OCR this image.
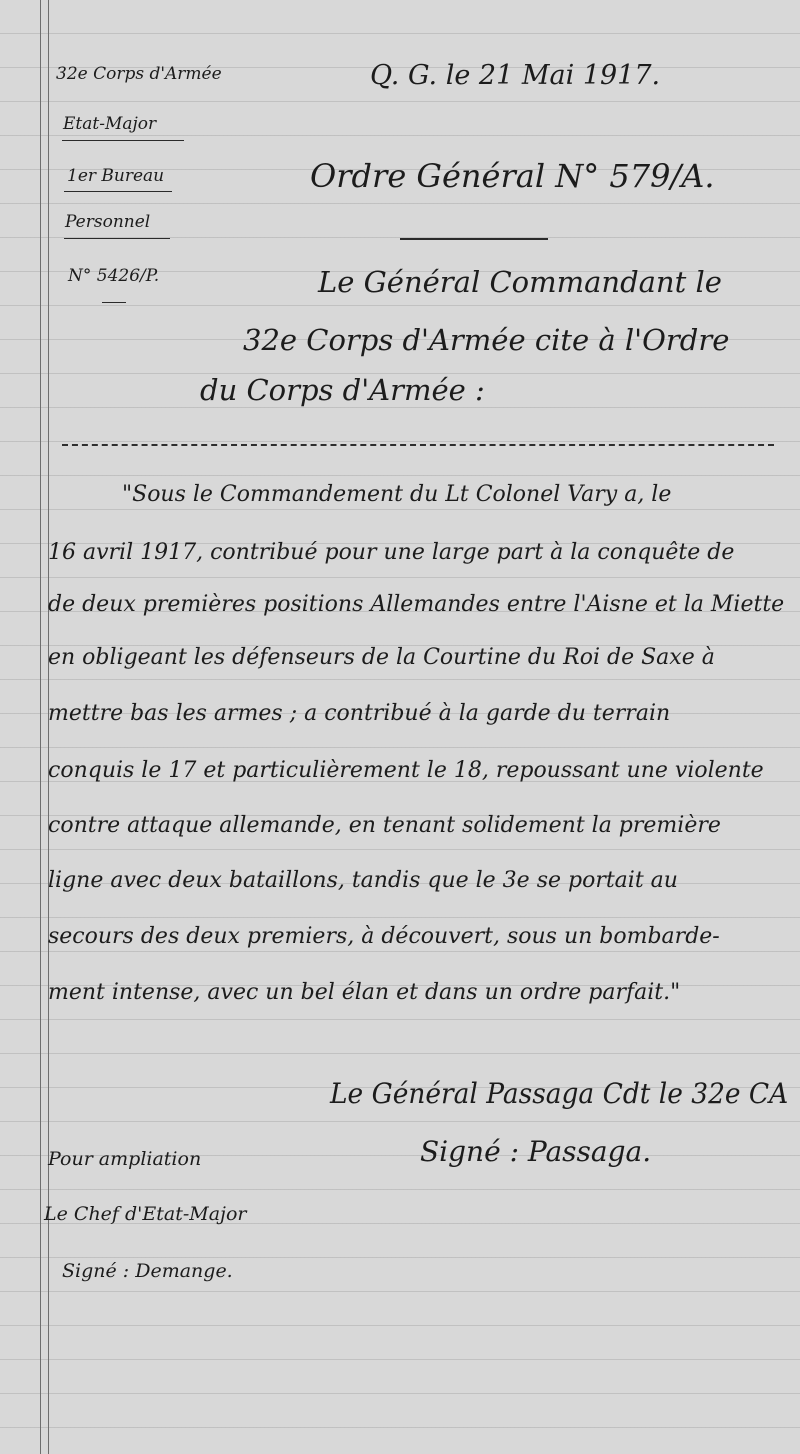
32e Corps d'Armée
Etat-Major
1er Bureau
Personnel
N° 5426/P.
Q. G. le 21 Mai 1917.
Ordre Général N° 579/A.
Le Général Commandant le
32e Corps d'Armée cite à l'Ordre
du Corps d'Armée :
"Sous le Commandement du Lt Colonel Vary a, le
16 avril 1917, contribué pour une large part à la conquête de
de deux premières positions Allemandes entre l'Aisne et la Miette
en obligeant les défenseurs de la Courtine du Roi de Saxe à
mettre bas les armes ; a contribué à la garde du terrain
conquis le 17 et particulièrement le 18, repoussant une violente
contre attaque allemande, en tenant solidement la première
ligne avec deux bataillons, tandis que le 3e se portait au
secours des deux premiers, à découvert, sous un bombarde-
ment intense, avec un bel élan et dans un ordre parfait."
Le Général Passaga Cdt le 32e CA
Signé : Passaga.
Pour ampliation
Le Chef d'Etat-Major
Signé : Demange.
